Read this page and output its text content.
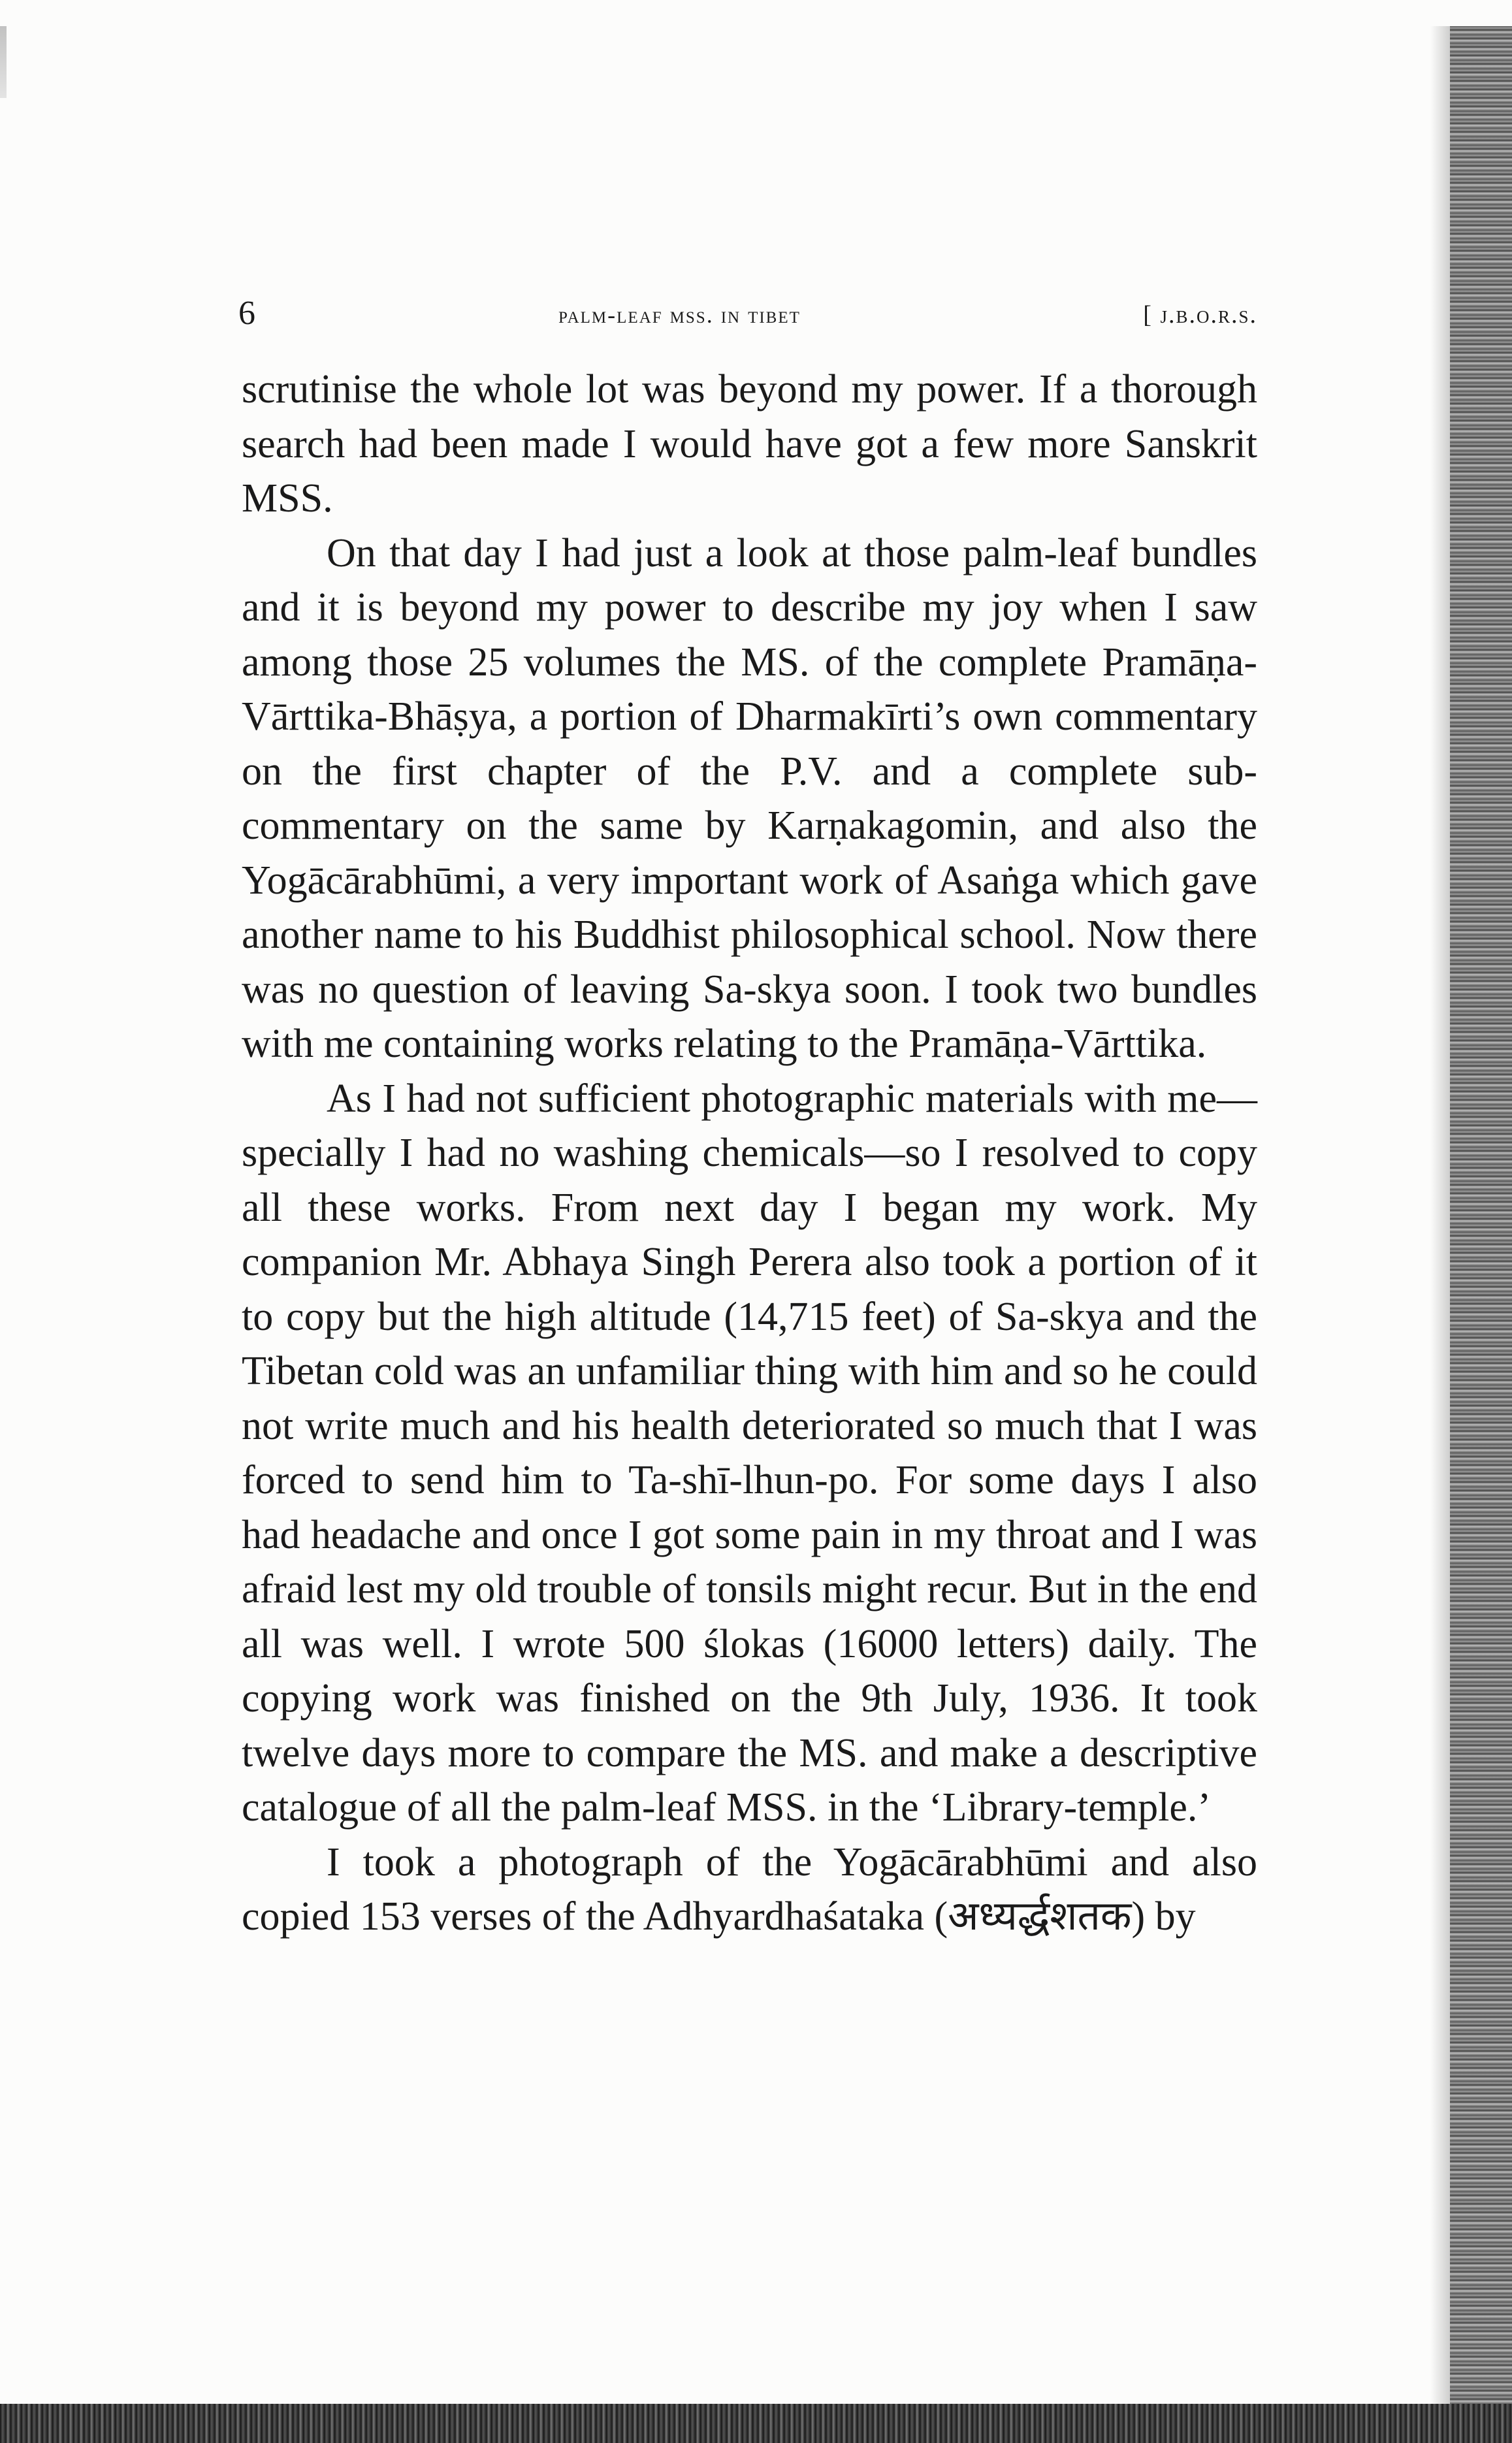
6	palm-leaf mss. in tibet	[ j.b.o.r.s.

scrutinise the whole lot was beyond my power. If a thorough search had been made I would have got a few more Sanskrit MSS.

On that day I had just a look at those palm-leaf bundles and it is beyond my power to describe my joy when I saw among those 25 volumes the MS. of the complete Pramāṇa-Vārttika-Bhāṣya, a portion of Dharmakīrti’s own commentary on the first chapter of the P.V. and a complete sub-commentary on the same by Karṇakagomin, and also the Yogācārabhūmi, a very important work of Asaṅga which gave another name to his Buddhist philosophical school. Now there was no question of leaving Sa-skya soon. I took two bundles with me containing works relating to the Pramāṇa-Vārttika.

As I had not sufficient photographic materials with me—specially I had no washing chemicals—so I resolved to copy all these works. From next day I began my work. My companion Mr. Abhaya Singh Perera also took a portion of it to copy but the high altitude (14,715 feet) of Sa-skya and the Tibetan cold was an unfamiliar thing with him and so he could not write much and his health deteriorated so much that I was forced to send him to Ta-shī-lhun-po. For some days I also had headache and once I got some pain in my throat and I was afraid lest my old trouble of tonsils might recur. But in the end all was well. I wrote 500 ślokas (16000 letters) daily. The copying work was finished on the 9th July, 1936. It took twelve days more to compare the MS. and make a descriptive catalogue of all the palm-leaf MSS. in the ‘Library-temple.’

I took a photograph of the Yogācārabhūmi and also copied 153 verses of the Adhyardhaśataka (अध्यर्द्धशतक) by
